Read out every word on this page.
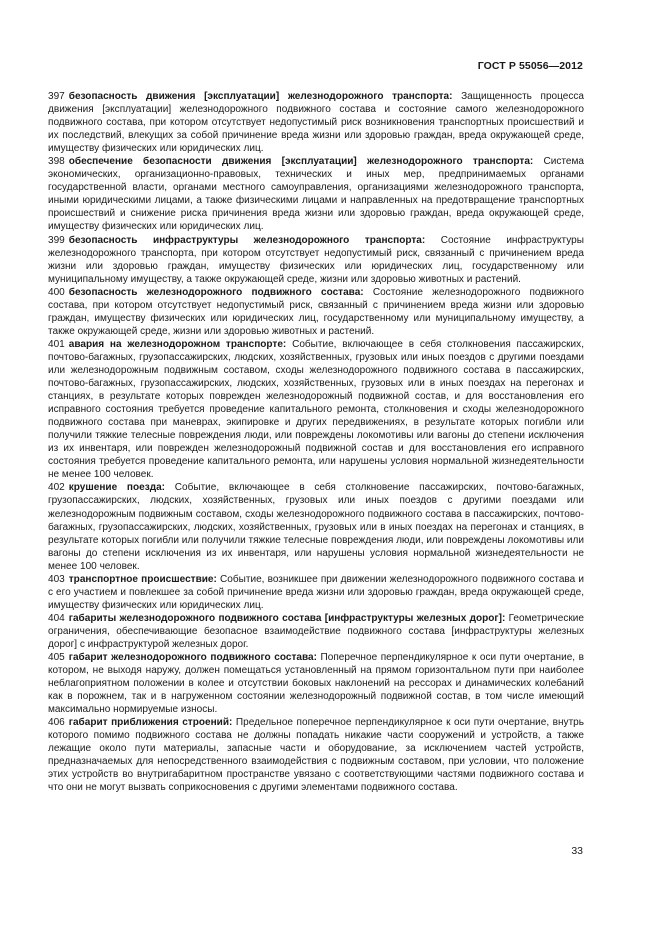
ГОСТ Р 55056—2012

397 безопасность движения [эксплуатации] железнодорожного транспорта: Защищенность процесса движения [эксплуатации] железнодорожного подвижного состава и состояние самого железнодорожного подвижного состава, при котором отсутствует недопустимый риск возникновения транспортных происшествий и их последствий, влекущих за собой причинение вреда жизни или здоровью граждан, вреда окружающей среде, имуществу физических или юридических лиц.

398 обеспечение безопасности движения [эксплуатации] железнодорожного транспорта: Система экономических, организационно-правовых, технических и иных мер, предпринимаемых органами государственной власти, органами местного самоуправления, организациями железнодорожного транспорта, иными юридическими лицами, а также физическими лицами и направленных на предотвращение транспортных происшествий и снижение риска причинения вреда жизни или здоровью граждан, вреда окружающей среде, имуществу физических или юридических лиц.

399 безопасность инфраструктуры железнодорожного транспорта: Состояние инфраструктуры железнодорожного транспорта, при котором отсутствует недопустимый риск, связанный с причинением вреда жизни или здоровью граждан, имуществу физических или юридических лиц, государственному или муниципальному имуществу, а также окружающей среде, жизни или здоровью животных и растений.

400 безопасность железнодорожного подвижного состава: Состояние железнодорожного подвижного состава, при котором отсутствует недопустимый риск, связанный с причинением вреда жизни или здоровью граждан, имуществу физических или юридических лиц, государственному или муниципальному имуществу, а также окружающей среде, жизни или здоровью животных и растений.

401 авария на железнодорожном транспорте: Событие, включающее в себя столкновения пассажирских, почтово-багажных, грузопассажирских, людских, хозяйственных, грузовых или иных поездов с другими поездами или железнодорожным подвижным составом, сходы железнодорожного подвижного состава в пассажирских, почтово-багажных, грузопассажирских, людских, хозяйственных, грузовых или в иных поездах на перегонах и станциях, в результате которых поврежден железнодорожный подвижной состав, и для восстановления его исправного состояния требуется проведение капитального ремонта, столкновения и сходы железнодорожного подвижного состава при маневрах, экипировке и других передвижениях, в результате которых погибли или получили тяжкие телесные повреждения люди, или повреждены локомотивы или вагоны до степени исключения из их инвентаря, или поврежден железнодорожный подвижной состав и для восстановления его исправного состояния требуется проведение капитального ремонта, или нарушены условия нормальной жизнедеятельности не менее 100 человек.

402 крушение поезда: Событие, включающее в себя столкновение пассажирских, почтово-багажных, грузопассажирских, людских, хозяйственных, грузовых или иных поездов с другими поездами или железнодорожным подвижным составом, сходы железнодорожного подвижного состава в пассажирских, почтово-багажных, грузопассажирских, людских, хозяйственных, грузовых или в иных поездах на перегонах и станциях, в результате которых погибли или получили тяжкие телесные повреждения люди, или повреждены локомотивы или вагоны до степени исключения из их инвентаря, или нарушены условия нормальной жизнедеятельности не менее 100 человек.

403 транспортное происшествие: Событие, возникшее при движении железнодорожного подвижного состава и с его участием и повлекшее за собой причинение вреда жизни или здоровью граждан, вреда окружающей среде, имуществу физических или юридических лиц.

404 габариты железнодорожного подвижного состава [инфраструктуры железных дорог]: Геометрические ограничения, обеспечивающие безопасное взаимодействие подвижного состава [инфраструктуры железных дорог] с инфраструктурой железных дорог.

405 габарит железнодорожного подвижного состава: Поперечное перпендикулярное к оси пути очертание, в котором, не выходя наружу, должен помещаться установленный на прямом горизонтальном пути при наиболее неблагоприятном положении в колее и отсутствии боковых наклонений на рессорах и динамических колебаний как в порожнем, так и в нагруженном состоянии железнодорожный подвижной состав, в том числе имеющий максимально нормируемые износы.

406 габарит приближения строений: Предельное поперечное перпендикулярное к оси пути очертание, внутрь которого помимо подвижного состава не должны попадать никакие части сооружений и устройств, а также лежащие около пути материалы, запасные части и оборудование, за исключением частей устройств, предназначаемых для непосредственного взаимодействия с подвижным составом, при условии, что положение этих устройств во внутригабаритном пространстве увязано с соответствующими частями подвижного состава и что они не могут вызвать соприкосновения с другими элементами подвижного состава.

33
